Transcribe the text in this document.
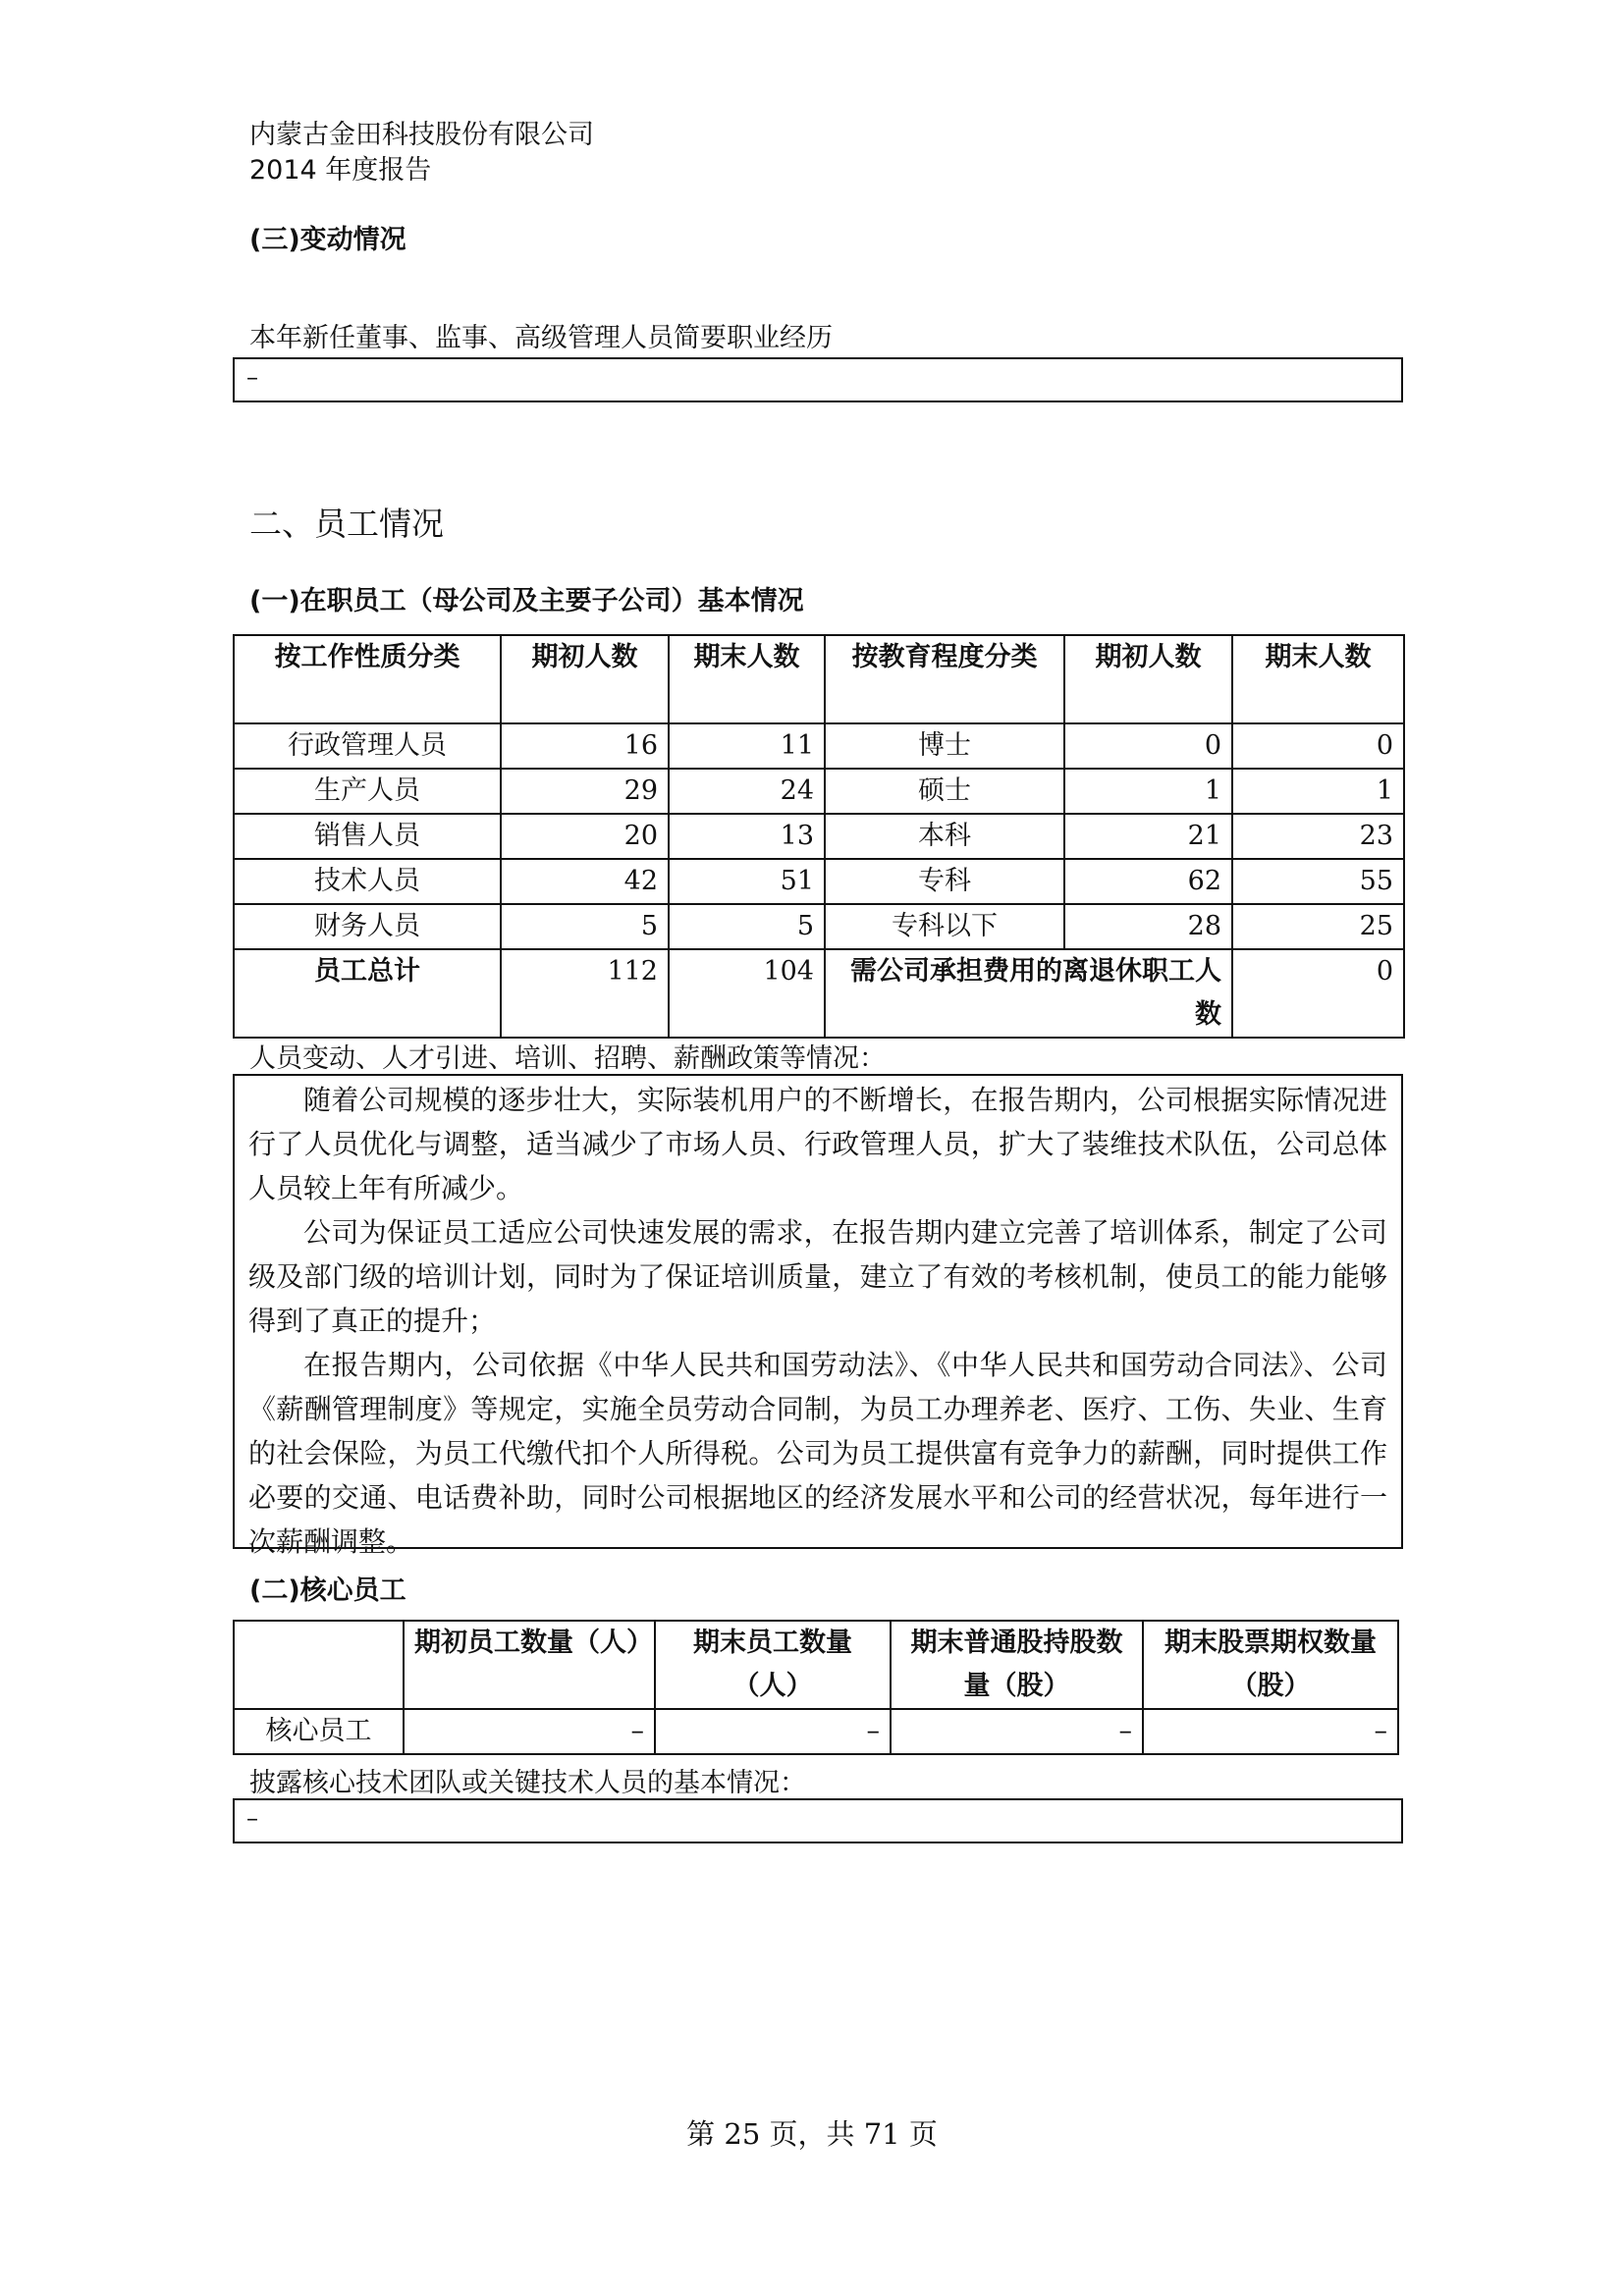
内蒙古金田科技股份有限公司
2014 年度报告
(三)变动情况
本年新任董事、监事、高级管理人员简要职业经历
–
二、员工情况
(一)在职员工（母公司及主要子公司）基本情况
按工作性质分类	期初人数	期末人数	按教育程度分类	期初人数	期末人数
行政管理人员	16	11	博士	0	0
生产人员	29	24	硕士	1	1
销售人员	20	13	本科	21	23
技术人员	42	51	专科	62	55
财务人员	5	5	专科以下	28	25
员工总计	112	104	需公司承担费用的离退休职工人数		0
人员变动、人才引进、培训、招聘、薪酬政策等情况：

随着公司规模的逐步壮大，实际装机用户的不断增长，在报告期内，公司根据实际情况进行了人员优化与调整，适当减少了市场人员、行政管理人员，扩大了装维技术队伍，公司总体人员较上年有所减少。

公司为保证员工适应公司快速发展的需求，在报告期内建立完善了培训体系，制定了公司级及部门级的培训计划，同时为了保证培训质量，建立了有效的考核机制，使员工的能力能够得到了真正的提升；

在报告期内，公司依据《中华人民共和国劳动法》、《中华人民共和国劳动合同法》、公司《薪酬管理制度》等规定，实施全员劳动合同制，为员工办理养老、医疗、工伤、失业、生育的社会保险，为员工代缴代扣个人所得税。公司为员工提供富有竞争力的薪酬，同时提供工作必要的交通、电话费补助，同时公司根据地区的经济发展水平和公司的经营状况，每年进行一次薪酬调整。

(二)核心员工
	期初员工数量（人）	期末员工数量（人）	期末普通股持股数量（股）	期末股票期权数量（股）
核心员工	–	–	–	–
披露核心技术团队或关键技术人员的基本情况：
–
第 25 页，共 71 页
